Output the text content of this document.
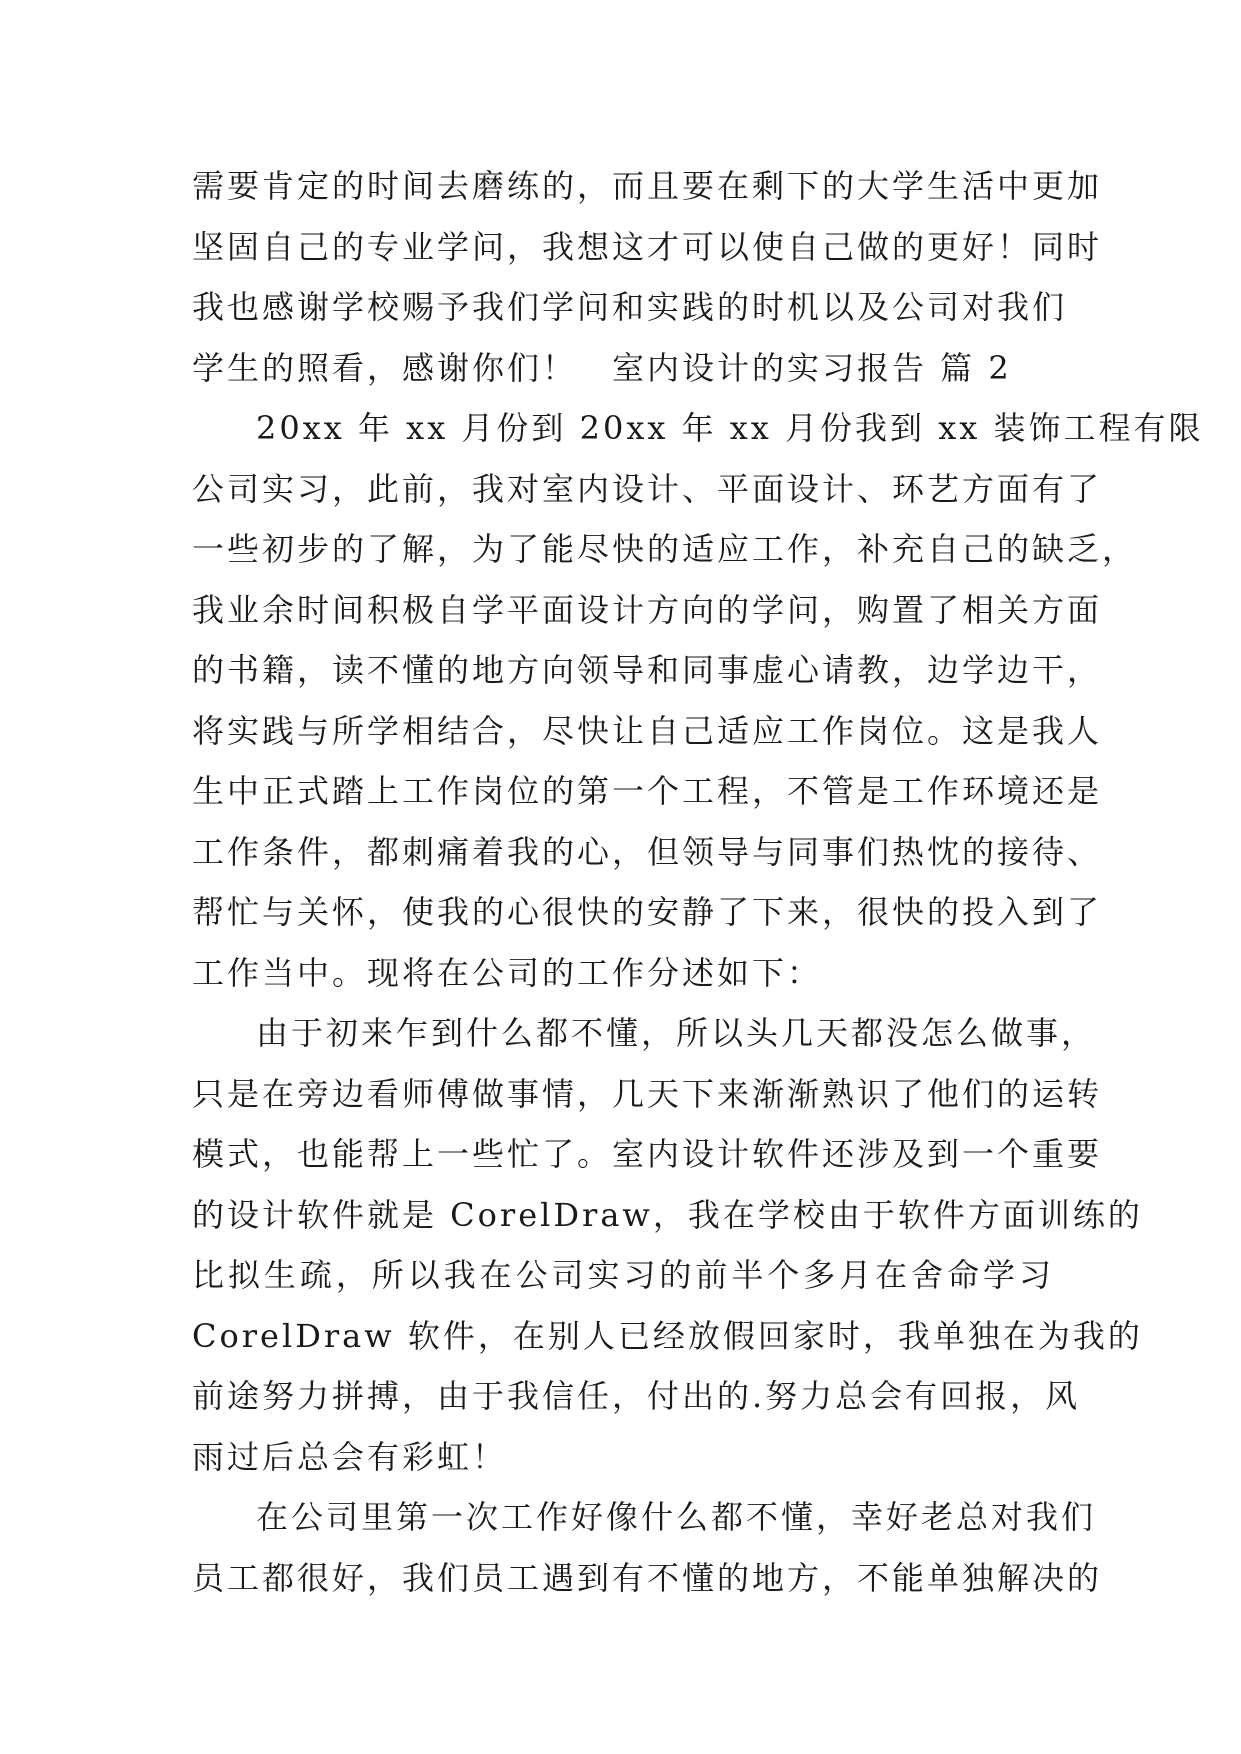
需要肯定的时间去磨练的，而且要在剩下的大学生活中更加
坚固自己的专业学问，我想这才可以使自己做的更好！同时
我也感谢学校赐予我们学问和实践的时机以及公司对我们
学生的照看，感谢你们！　室内设计的实习报告 篇 2
20xx 年 xx 月份到 20xx 年 xx 月份我到 xx 装饰工程有限
公司实习，此前，我对室内设计、平面设计、环艺方面有了
一些初步的了解，为了能尽快的适应工作，补充自己的缺乏，
我业余时间积极自学平面设计方向的学问，购置了相关方面
的书籍，读不懂的地方向领导和同事虚心请教，边学边干，
将实践与所学相结合，尽快让自己适应工作岗位。这是我人
生中正式踏上工作岗位的第一个工程，不管是工作环境还是
工作条件，都刺痛着我的心，但领导与同事们热忱的接待、
帮忙与关怀，使我的心很快的安静了下来，很快的投入到了
工作当中。现将在公司的工作分述如下：
由于初来乍到什么都不懂，所以头几天都没怎么做事，
只是在旁边看师傅做事情，几天下来渐渐熟识了他们的运转
模式，也能帮上一些忙了。室内设计软件还涉及到一个重要
的设计软件就是 CorelDraw，我在学校由于软件方面训练的
比拟生疏，所以我在公司实习的前半个多月在舍命学习
CorelDraw 软件，在别人已经放假回家时，我单独在为我的
前途努力拼搏，由于我信任，付出的.努力总会有回报，风
雨过后总会有彩虹！
在公司里第一次工作好像什么都不懂，幸好老总对我们
员工都很好，我们员工遇到有不懂的地方，不能单独解决的
